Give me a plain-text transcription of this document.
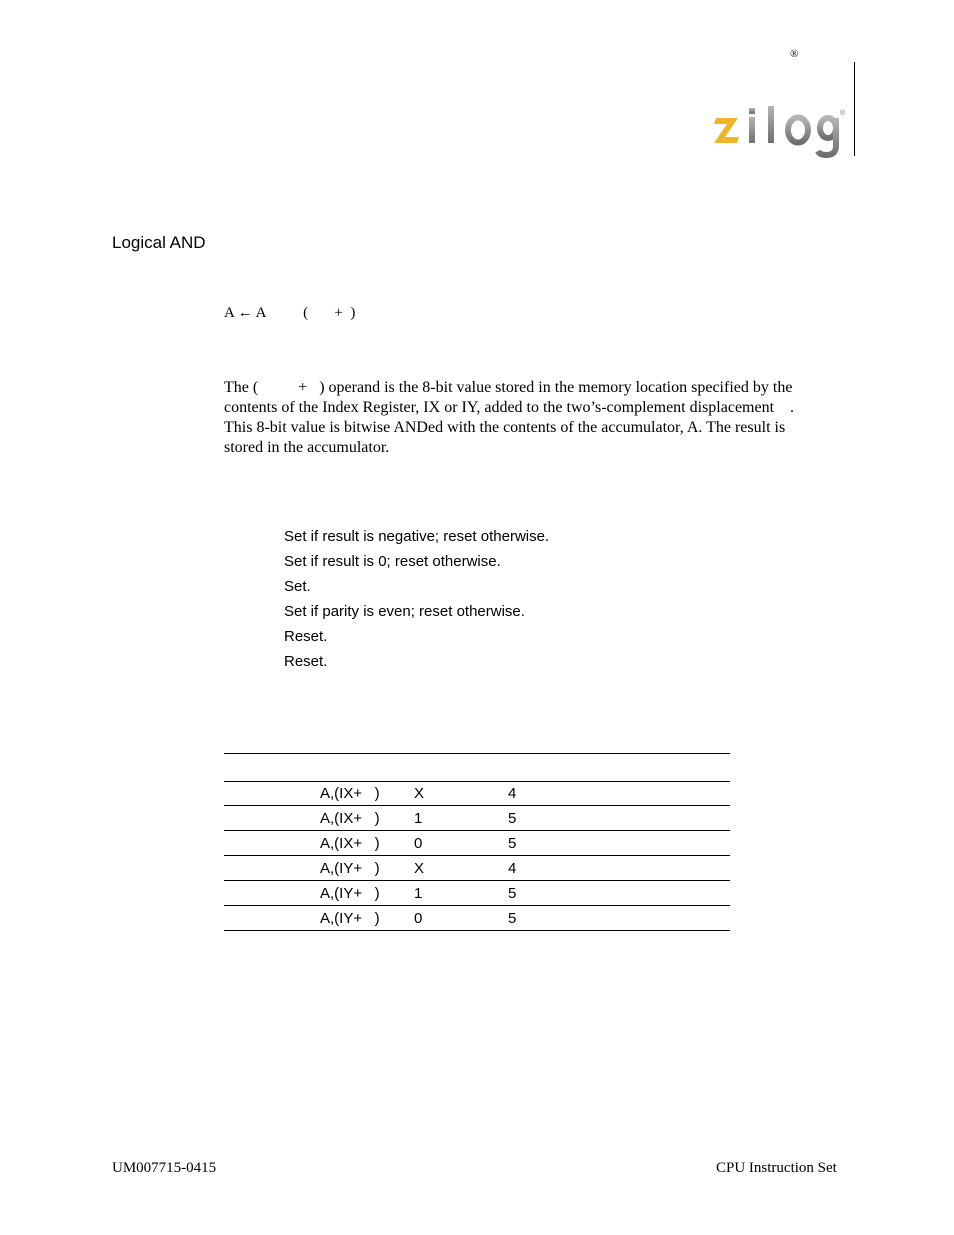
®
®
Logical AND
A ← A          (       +  )

The (          +   ) operand is the 8-bit value stored in the memory location specified by the

contents of the Index Register, IX or IY, added to the two’s-complement displacement    .

This 8-bit value is bitwise ANDed with the contents of the accumulator, A. The result is

stored in the accumulator.

Set if result is negative; reset otherwise.
Set if result is 0; reset otherwise.
Set.
Set if parity is even; reset otherwise.
Reset.
Reset.
A,(IX+   ) X	4
A,(IX+   ) 1	5
A,(IX+   ) 0	5
A,(IY+   ) X	4
A,(IY+   ) 1	5
A,(IY+   ) 0	5
UM007715-0415	CPU Instruction Set
